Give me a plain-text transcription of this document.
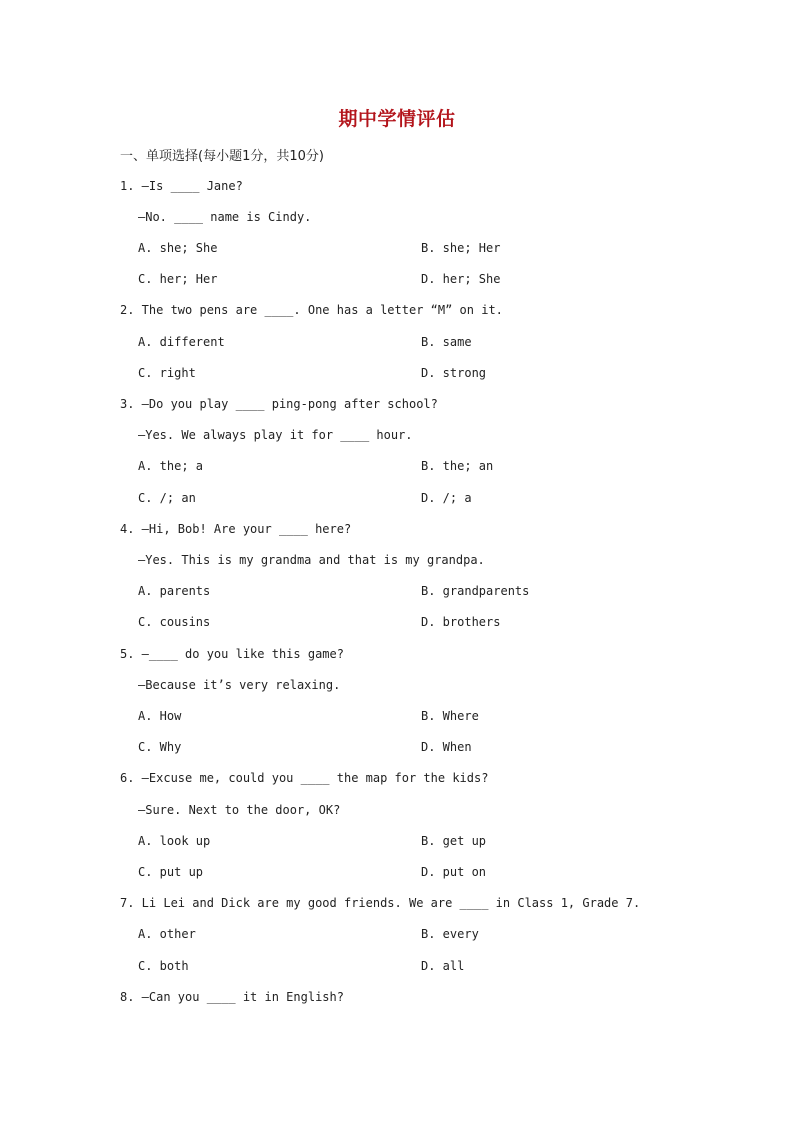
期中学情评估
一、单项选择(每小题1分，共10分)
1. —Is ____ Jane?
—No. ____ name is Cindy.
A. she; She	B. she; Her
C. her; Her	D. her; She
2. The two pens are ____. One has a letter “M” on it.
A. different	B. same
C. right	D. strong
3. —Do you play ____ ping-pong after school?
—Yes. We always play it for ____ hour.
A. the; a	B. the; an
C. /; an	D. /; a
4. —Hi, Bob! Are your ____ here?
—Yes. This is my grandma and that is my grandpa.
A. parents	B. grandparents
C. cousins	D. brothers
5. —____ do you like this game?
—Because it’s very relaxing.
A. How	B. Where
C. Why	D. When
6. —Excuse me, could you ____ the map for the kids?
—Sure. Next to the door, OK?
A. look up	B. get up
C. put up	D. put on
7. Li Lei and Dick are my good friends. We are ____ in Class 1, Grade 7.
A. other	B. every
C. both	D. all
8. —Can you ____ it in English?
